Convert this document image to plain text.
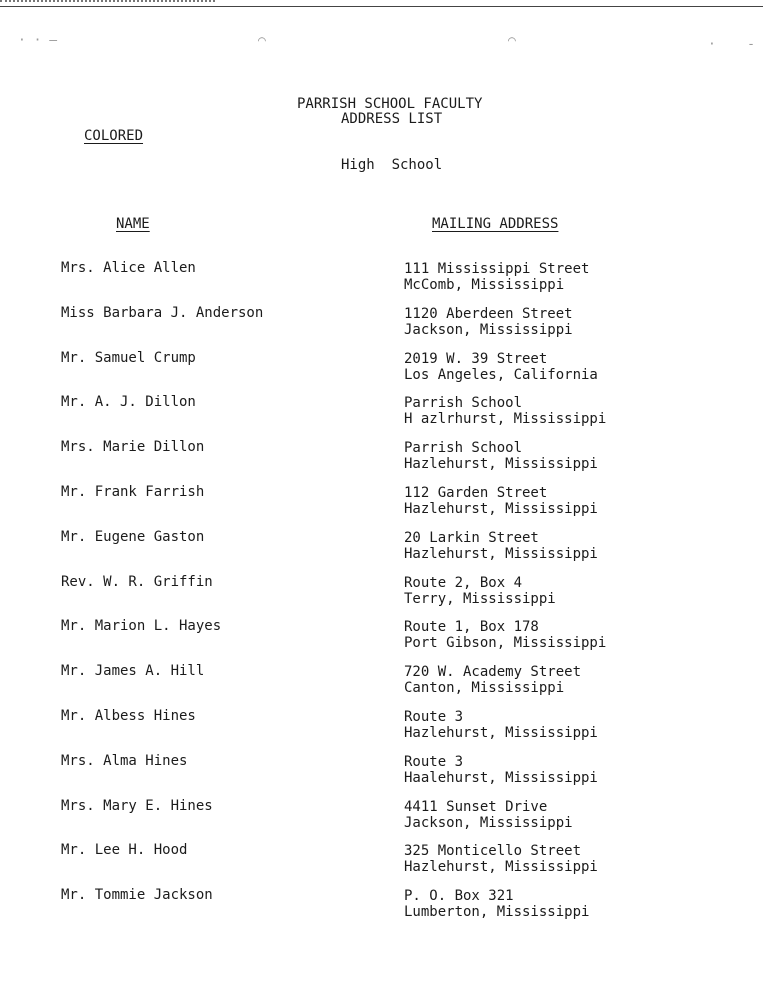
· · –	⌒	⌒	·    -
PARRISH SCHOOL FACULTY
ADDRESS LIST
COLORED
High  School
NAME	MAILING ADDRESS
Mrs. Alice Allen	111 Mississippi Street
McComb, Mississippi
Miss Barbara J. Anderson	1120 Aberdeen Street
Jackson, Mississippi
Mr. Samuel Crump	2019 W. 39 Street
Los Angeles, California
Mr. A. J. Dillon	Parrish School
H azlrhurst, Mississippi
Mrs. Marie Dillon	Parrish School
Hazlehurst, Mississippi
Mr. Frank Farrish	112 Garden Street
Hazlehurst, Mississippi
Mr. Eugene Gaston	20 Larkin Street
Hazlehurst, Mississippi
Rev. W. R. Griffin	Route 2, Box 4
Terry, Mississippi
Mr. Marion L. Hayes	Route 1, Box 178
Port Gibson, Mississippi
Mr. James A. Hill	720 W. Academy Street
Canton, Mississippi
Mr. Albess Hines	Route 3
Hazlehurst, Mississippi
Mrs. Alma Hines	Route 3
Haalehurst, Mississippi
Mrs. Mary E. Hines	4411 Sunset Drive
Jackson, Mississippi
Mr. Lee H. Hood	325 Monticello Street
Hazlehurst, Mississippi
Mr. Tommie Jackson	P. O. Box 321
Lumberton, Mississippi
